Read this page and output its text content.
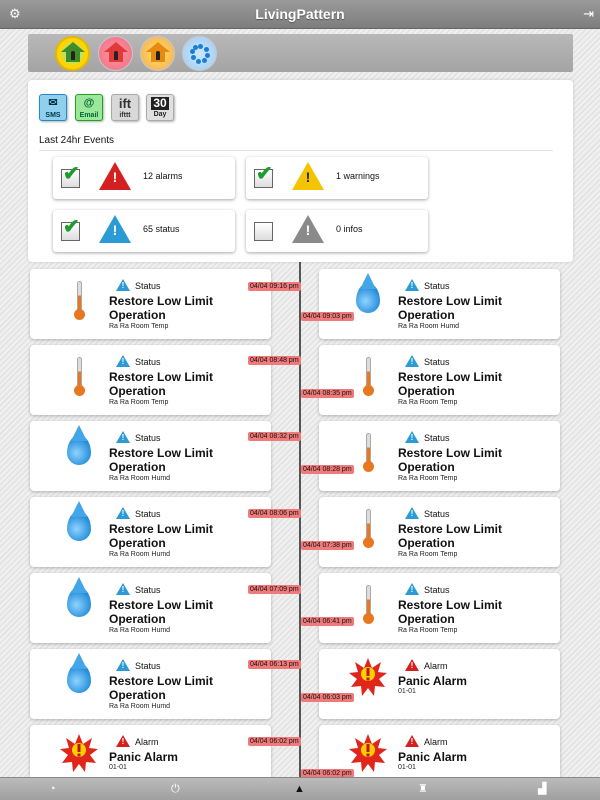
⚙	LivingPattern	⇥
✉
SMS
@
Email
ift
ifttt
30
Day
Last 24hr Events
✔	!	12 alarms	✔	!	1 warnings
✔	!	65 status	!	0 infos
! Status
Restore Low Limit Operation
Ra Ra Room Temp
04/04 09:16 pm
! Status
Restore Low Limit Operation
Ra Ra Room Temp
04/04 08:48 pm
! Status
Restore Low Limit Operation
Ra Ra Room Humd
04/04 08:32 pm
! Status
Restore Low Limit Operation
Ra Ra Room Humd
04/04 08:06 pm
! Status
Restore Low Limit Operation
Ra Ra Room Humd
04/04 07:09 pm
! Status
Restore Low Limit Operation
Ra Ra Room Humd
04/04 06:13 pm
! Alarm
Panic Alarm
01-01
04/04 06:02 pm
! Status
Restore Low Limit Operation
Ra Ra Room Humd
04/04 09:03 pm
! Status
Restore Low Limit Operation
Ra Ra Room Temp
04/04 08:35 pm
! Status
Restore Low Limit Operation
Ra Ra Room Temp
04/04 08:28 pm
! Status
Restore Low Limit Operation
Ra Ra Room Temp
04/04 07:38 pm
! Status
Restore Low Limit Operation
Ra Ra Room Temp
04/04 06:41 pm
! Alarm
Panic Alarm
01-01
04/04 06:03 pm
! Alarm
Panic Alarm
01-01
04/04 06:02 pm
◔	⏻	▲	♜	▟
